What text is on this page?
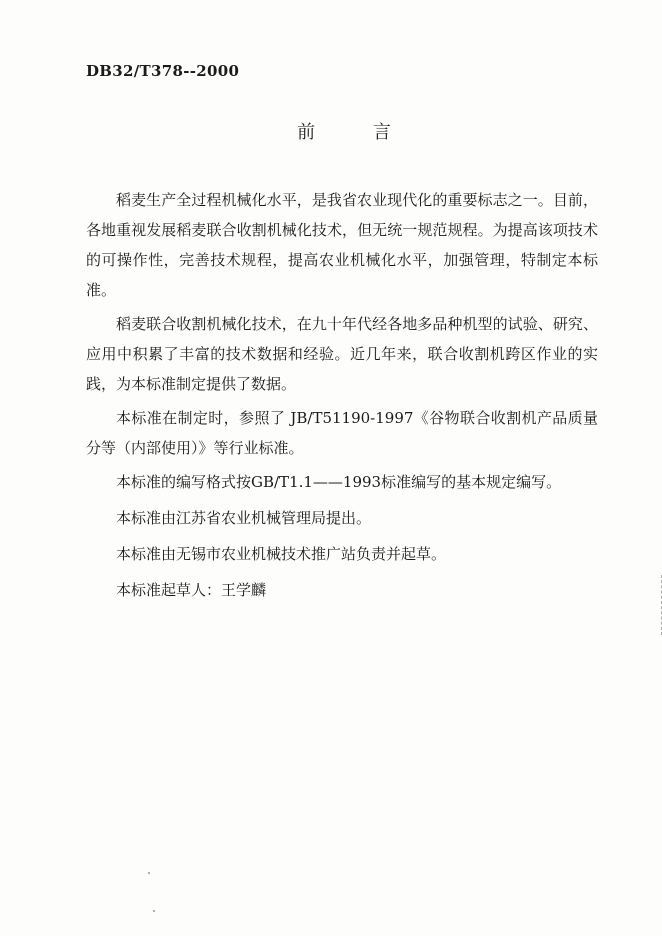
DB32/T378--2000
前 言

稻麦生产全过程机械化水平，是我省农业现代化的重要标志之一。目前，各地重视发展稻麦联合收割机械化技术，但无统一规范规程。为提高该项技术的可操作性，完善技术规程，提高农业机械化水平，加强管理，特制定本标准。

稻麦联合收割机械化技术，在九十年代经各地多品种机型的试验、研究、应用中积累了丰富的技术数据和经验。近几年来，联合收割机跨区作业的实践，为本标准制定提供了数据。

本标准在制定时，参照了 JB/T51190-1997《谷物联合收割机产品质量分等（内部使用）》等行业标准。

本标准的编写格式按GB/T1.1——1993标准编写的基本规定编写。

本标准由江苏省农业机械管理局提出。

本标准由无锡市农业机械技术推广站负责并起草。

本标准起草人：王学麟
